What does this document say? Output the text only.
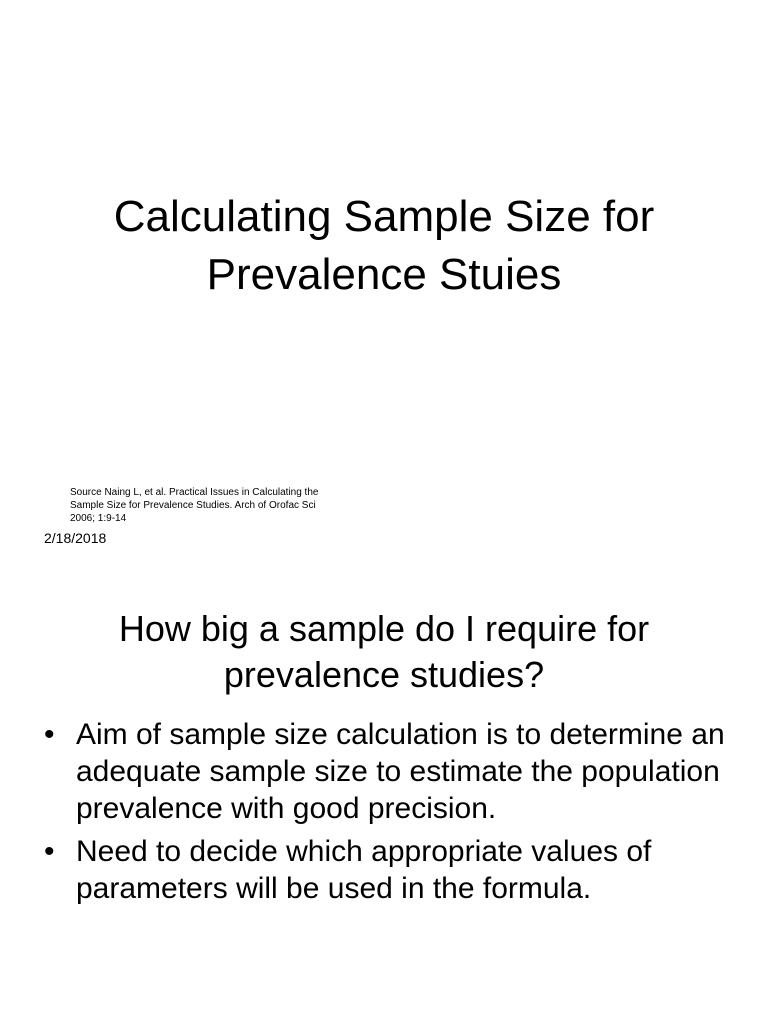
Calculating Sample Size for
Prevalence Stuies

Source Naing L, et al. Practical Issues in Calculating the
Sample Size for Prevalence Studies. Arch of Orofac Sci
2006; 1:9-14

2/18/2018

How big a sample do I require for
prevalence studies?
• Aim of sample size calculation is to determine an adequate sample size to estimate the population prevalence with good precision.
• Need to decide which appropriate values of parameters will be used in the formula.
